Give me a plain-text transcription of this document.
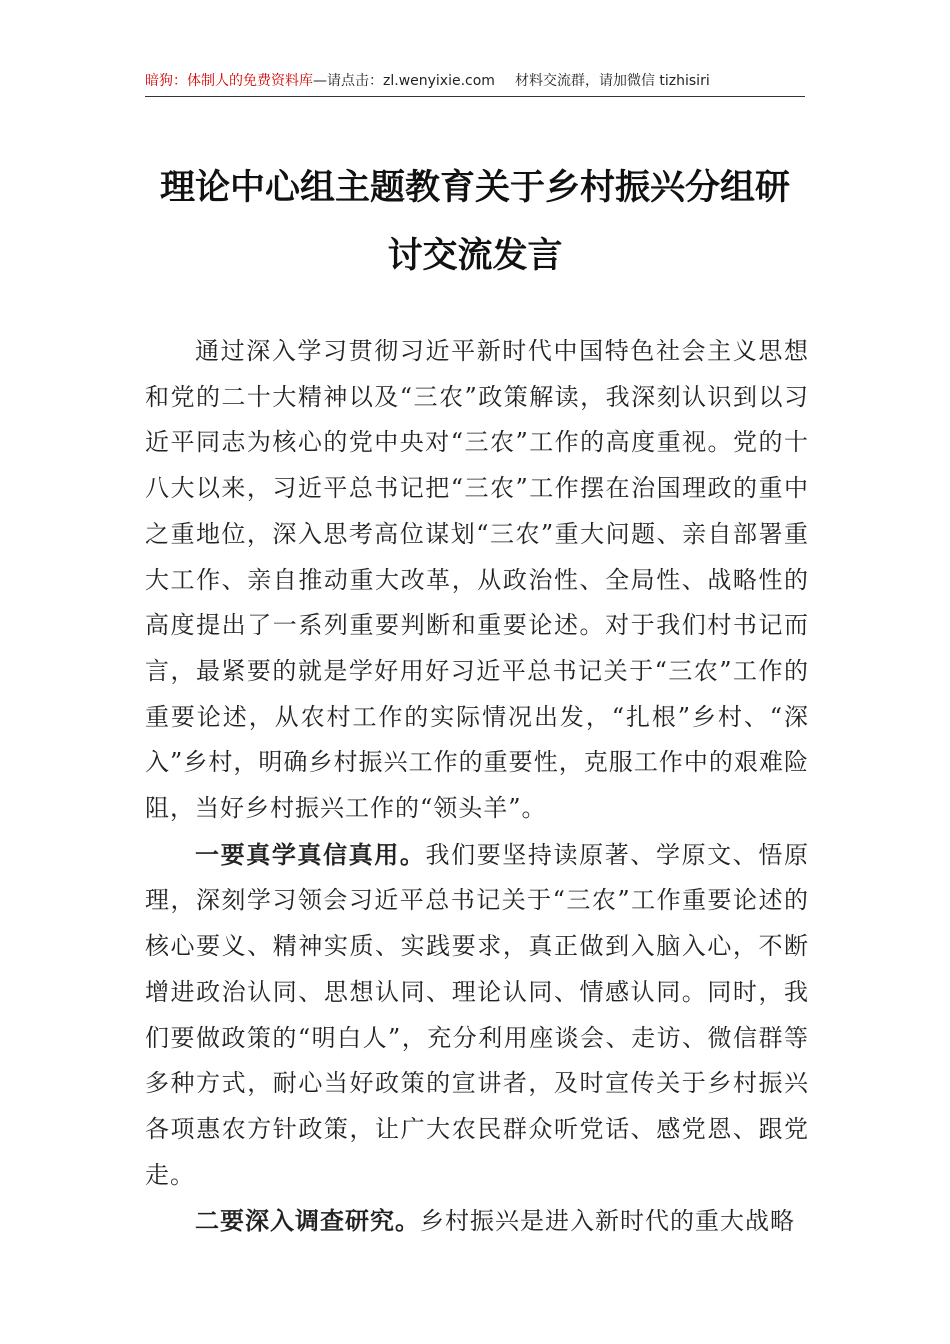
暗狗：体制人的免费资料库—请点击：zl.wenyixie.com 材料交流群，请加微信 tizhisiri
理论中心组主题教育关于乡村振兴分组研
讨交流发言

通过深入学习贯彻习近平新时代中国特色社会主义思想和党的二十大精神以及“三农”政策解读，我深刻认识到以习近平同志为核心的党中央对“三农”工作的高度重视。党的十八大以来，习近平总书记把“三农”工作摆在治国理政的重中之重地位，深入思考高位谋划“三农”重大问题、亲自部署重大工作、亲自推动重大改革，从政治性、全局性、战略性的高度提出了一系列重要判断和重要论述。对于我们村书记而言，最紧要的就是学好用好习近平总书记关于“三农”工作的重要论述，从农村工作的实际情况出发，“扎根”乡村、“深入”乡村，明确乡村振兴工作的重要性，克服工作中的艰难险阻，当好乡村振兴工作的“领头羊”。

一要真学真信真用。我们要坚持读原著、学原文、悟原理，深刻学习领会习近平总书记关于“三农”工作重要论述的核心要义、精神实质、实践要求，真正做到入脑入心，不断增进政治认同、思想认同、理论认同、情感认同。同时，我们要做政策的“明白人”，充分利用座谈会、走访、微信群等多种方式，耐心当好政策的宣讲者，及时宣传关于乡村振兴各项惠农方针政策，让广大农民群众听党话、感党恩、跟党走。

二要深入调查研究。乡村振兴是进入新时代的重大战略
